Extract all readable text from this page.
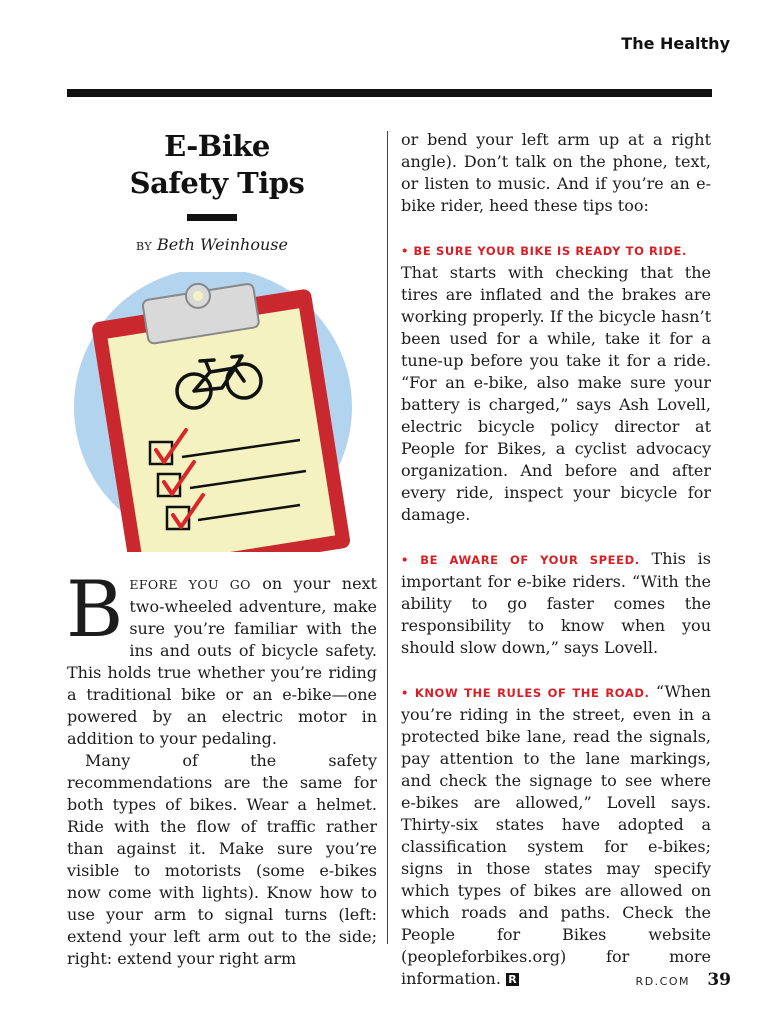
The Healthy
E-Bike
Safety Tips
BY Beth Weinhouse

BEFORE YOU GO on your next two-wheeled adventure, make sure you’re familiar with the ins and outs of bicycle safety. This holds true whether you’re riding a traditional bike or an e-bike—one powered by an electric motor in addition to your pedaling.

Many of the safety recommendations are the same for both types of bikes. Wear a helmet. Ride with the flow of traffic rather than against it. Make sure you’re visible to motorists (some e-bikes now come with lights). Know how to use your arm to signal turns (left: extend your left arm out to the side; right: extend your right arm

or bend your left arm up at a right angle). Don’t talk on the phone, text, or listen to music. And if you’re an e-bike rider, heed these tips too:

• BE SURE YOUR BIKE IS READY TO RIDE.
That starts with checking that the tires are inflated and the brakes are working properly. If the bicycle hasn’t been used for a while, take it for a tune-up before you take it for a ride. “For an e-bike, also make sure your battery is charged,” says Ash Lovell, electric bicycle policy director at People for Bikes, a cyclist advocacy organization. And before and after every ride, inspect your bicycle for damage.

• BE AWARE OF YOUR SPEED. This is important for e-bike riders. “With the ability to go faster comes the responsibility to know when you should slow down,” says Lovell.

• KNOW THE RULES OF THE ROAD. “When you’re riding in the street, even in a protected bike lane, read the signals, pay attention to the lane markings, and check the signage to see where e-bikes are allowed,” Lovell says. Thirty-six states have adopted a classification system for e-bikes; signs in those states may specify which types of bikes are allowed on which roads and paths. Check the People for Bikes website (peopleforbikes.org) for more information. R	RD.COM 39
